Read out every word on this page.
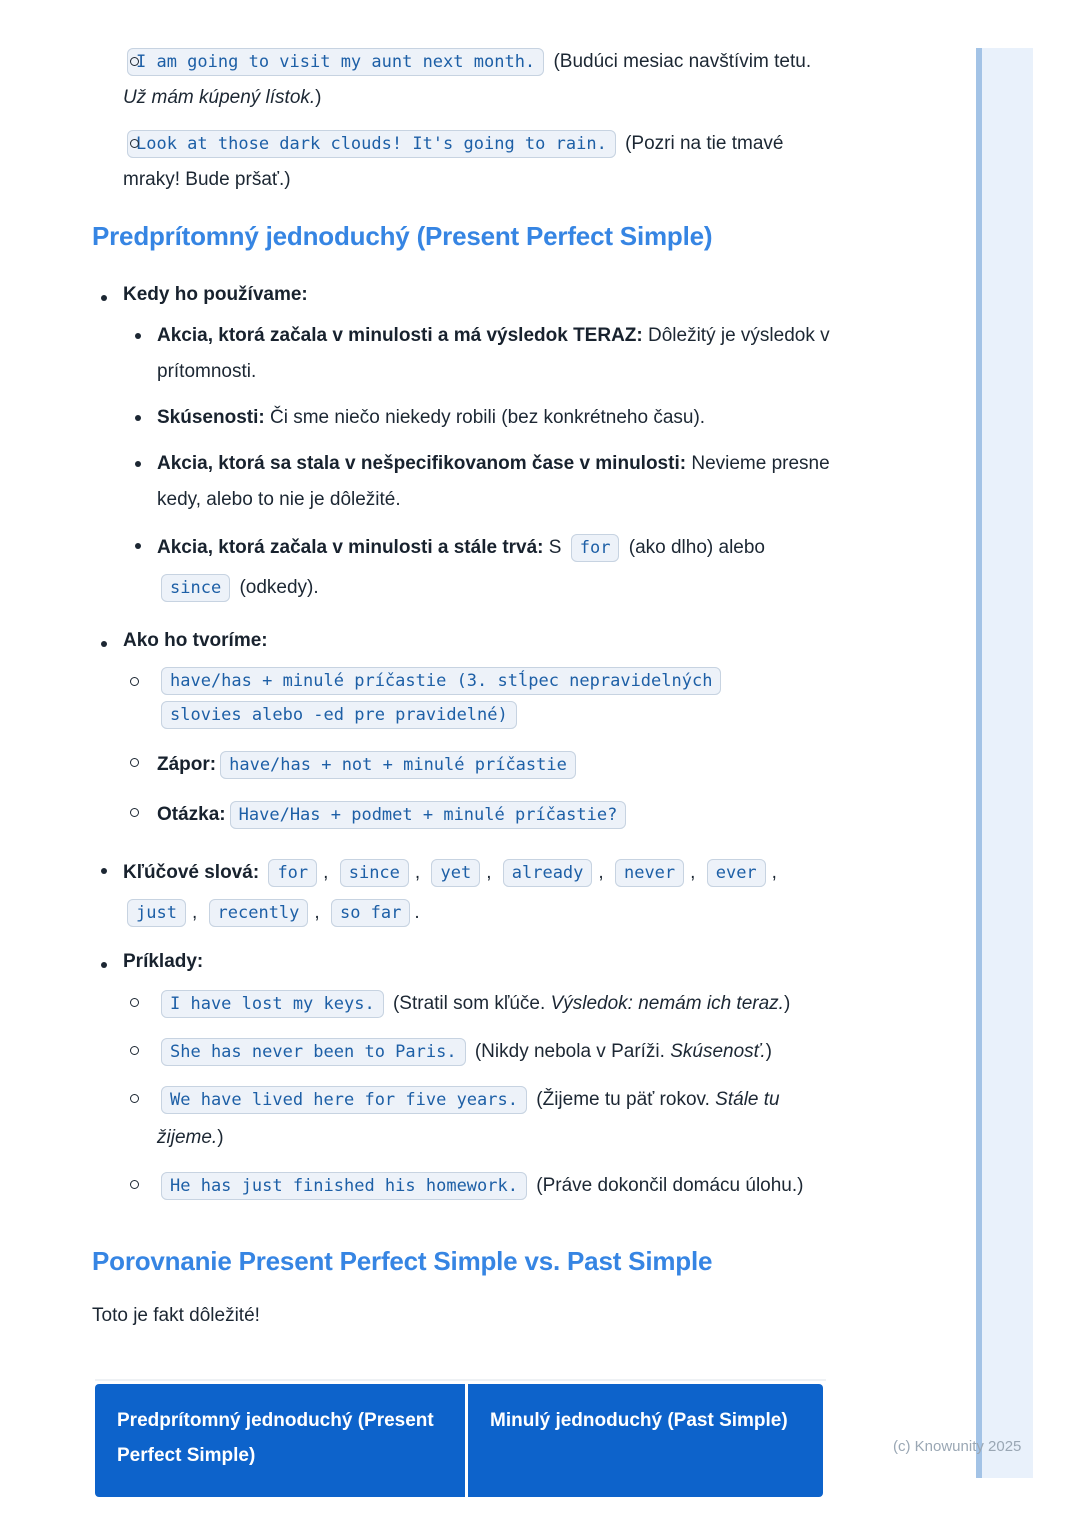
(c) Knowunity 2025
I am going to visit my aunt next month. (Budúci mesiac navštívim tetu. Už mám kúpený lístok.)
Look at those dark clouds! It's going to rain. (Pozri na tie tmavé mraky! Bude pršať.)
Predprítomný jednoduchý (Present Perfect Simple)
Kedy ho používame:
Akcia, ktorá začala v minulosti a má výsledok TERAZ: Dôležitý je výsledok v prítomnosti.
Skúsenosti: Či sme niečo niekedy robili (bez konkrétneho času).
Akcia, ktorá sa stala v nešpecifikovanom čase v minulosti: Nevieme presne kedy, alebo to nie je dôležité.
Akcia, ktorá začala v minulosti a stále trvá: S for (ako dlho) alebo since (odkedy).
Ako ho tvoríme:
have/has + minulé príčastie (3. stĺpec nepravidelných slovies alebo -ed pre pravidelné)
Zápor: have/has + not + minulé príčastie
Otázka: Have/Has + podmet + minulé príčastie?
Kľúčové slová: for , since , yet , already , never , ever , just , recently , so far .
Príklady:
I have lost my keys. (Stratil som kľúče. Výsledok: nemám ich teraz.)
She has never been to Paris. (Nikdy nebola v Paríži. Skúsenosť.)
We have lived here for five years. (Žijeme tu päť rokov. Stále tu žijeme.)
He has just finished his homework. (Práve dokončil domácu úlohu.)
Porovnanie Present Perfect Simple vs. Past Simple

Toto je fakt dôležité!

Predprítomný jednoduchý (Present Perfect Simple)
Minulý jednoduchý (Past Simple)
